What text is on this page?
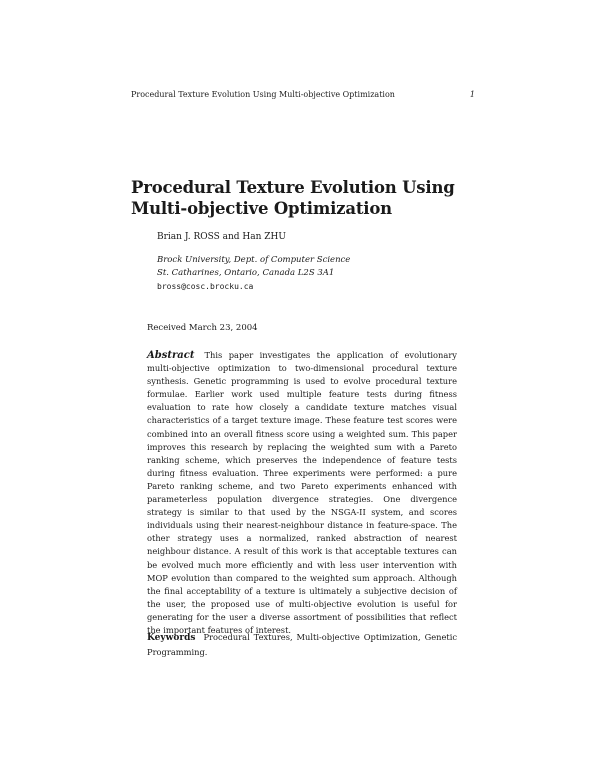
Procedural Texture Evolution Using Multi-objective Optimization	1
Procedural Texture Evolution Using Multi-objective Optimization
Brian J. ROSS and Han ZHU
Brock University, Dept. of Computer Science
St. Catharines, Ontario, Canada L2S 3A1
bross@cosc.brocku.ca
Received March 23, 2004

Abstract This paper investigates the application of evolutionary multi-objective optimization to two-dimensional procedural texture synthesis. Genetic programming is used to evolve procedural texture formulae. Earlier work used multiple feature tests during fitness evaluation to rate how closely a candidate texture matches visual characteristics of a target texture image. These feature test scores were combined into an overall fitness score using a weighted sum. This paper improves this research by replacing the weighted sum with a Pareto ranking scheme, which preserves the independence of feature tests during fitness evaluation. Three experiments were performed: a pure Pareto ranking scheme, and two Pareto experiments enhanced with parameterless population divergence strategies. One divergence strategy is similar to that used by the NSGA-II system, and scores individuals using their nearest-neighbour distance in feature-space. The other strategy uses a normalized, ranked abstraction of nearest neighbour distance. A result of this work is that acceptable textures can be evolved much more efficiently and with less user intervention with MOP evolution than compared to the weighted sum approach. Although the final acceptability of a texture is ultimately a subjective decision of the user, the proposed use of multi-objective evolution is useful for generating for the user a diverse assortment of possibilities that reflect the important features of interest.

Keywords Procedural Textures, Multi-objective Optimization, Genetic Programming.
